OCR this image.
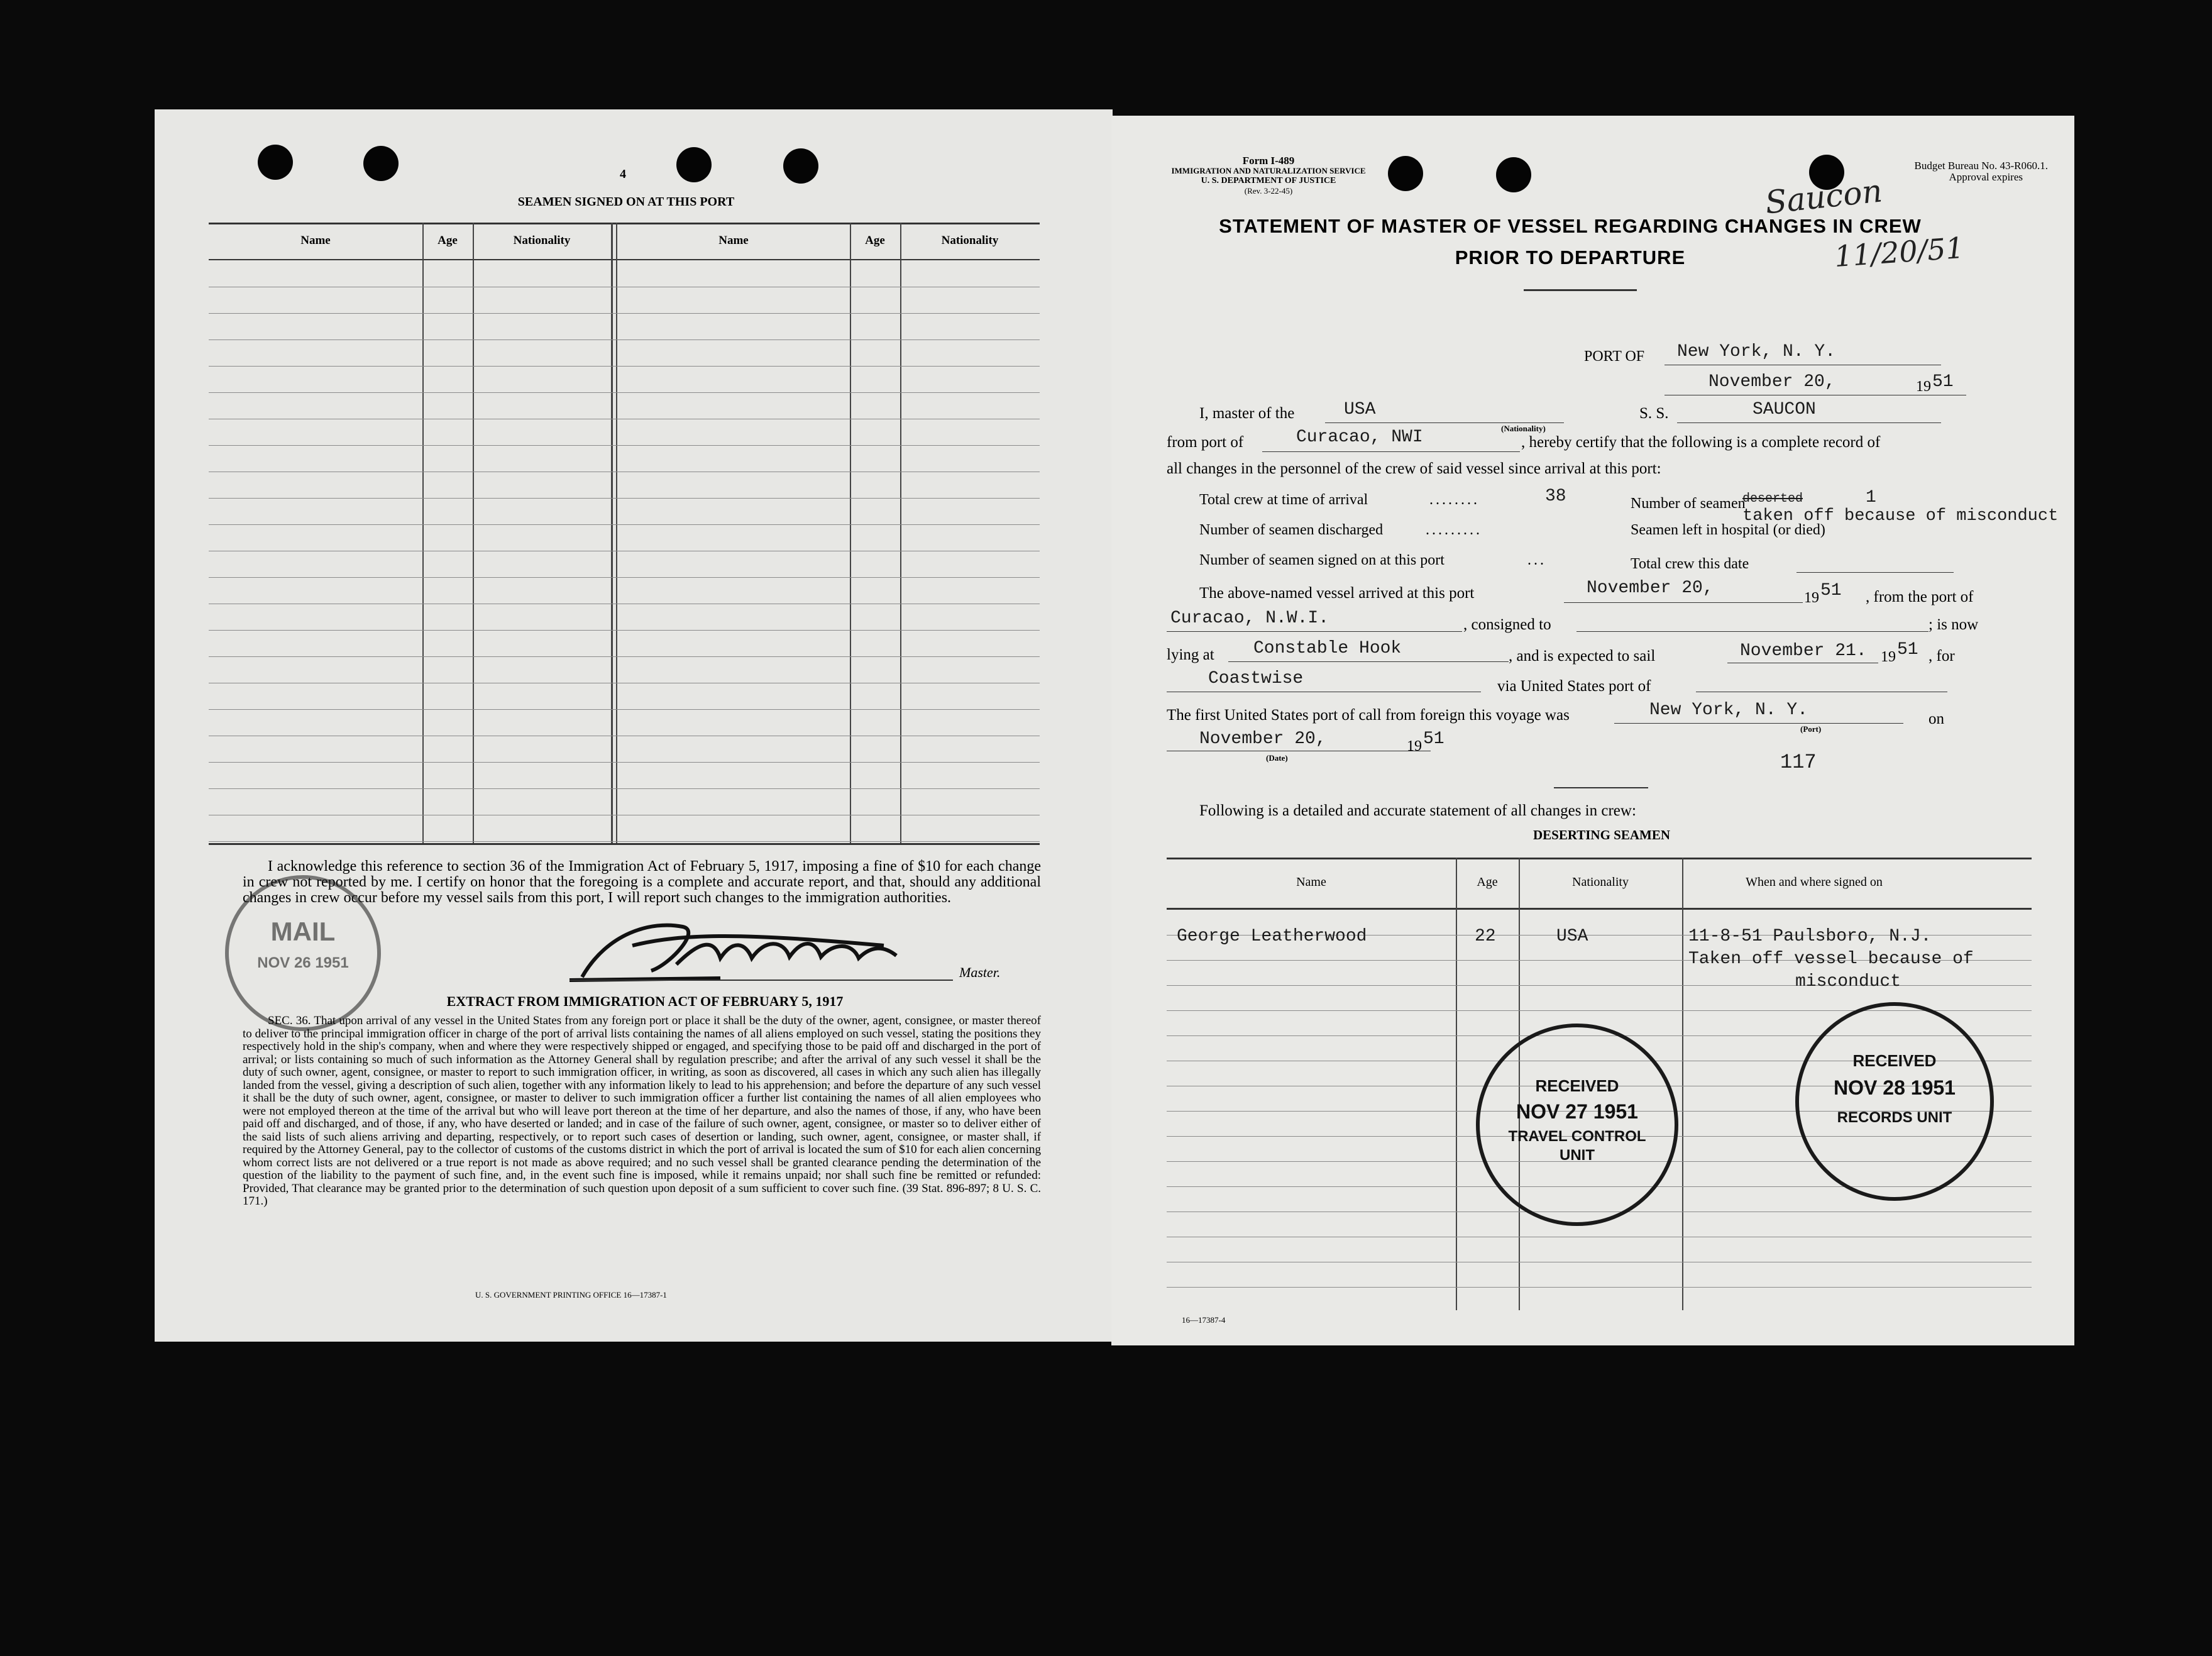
4
SEAMEN SIGNED ON AT THIS PORT
Name	Age	Nationality	Name	Age	Nationality
I acknowledge this reference to section 36 of the Immigration Act of February 5, 1917, imposing a fine of $10 for each change in crew not reported by me. I certify on honor that the foregoing is a complete and accurate report, and that, should any additional changes in crew occur before my vessel sails from this port, I will report such changes to the immigration authorities.
Master.
MAIL
NOV 26 1951
EXTRACT FROM IMMIGRATION ACT OF FEBRUARY 5, 1917
SEC. 36. That upon arrival of any vessel in the United States from any foreign port or place it shall be the duty of the owner, agent, consignee, or master thereof to deliver to the principal immigration officer in charge of the port of arrival lists containing the names of all aliens employed on such vessel, stating the positions they respectively hold in the ship's company, when and where they were respectively shipped or engaged, and specifying those to be paid off and discharged in the port of arrival; or lists containing so much of such information as the Attorney General shall by regulation prescribe; and after the arrival of any such vessel it shall be the duty of such owner, agent, consignee, or master to report to such immigration officer, in writing, as soon as discovered, all cases in which any such alien has illegally landed from the vessel, giving a description of such alien, together with any information likely to lead to his apprehension; and before the departure of any such vessel it shall be the duty of such owner, agent, consignee, or master to deliver to such immigration officer a further list containing the names of all alien employees who were not employed thereon at the time of the arrival but who will leave port thereon at the time of her departure, and also the names of those, if any, who have been paid off and discharged, and of those, if any, who have deserted or landed; and in case of the failure of such owner, agent, consignee, or master so to deliver either of the said lists of such aliens arriving and departing, respectively, or to report such cases of desertion or landing, such owner, agent, consignee, or master shall, if required by the Attorney General, pay to the collector of customs of the customs district in which the port of arrival is located the sum of $10 for each alien concerning whom correct lists are not delivered or a true report is not made as above required; and no such vessel shall be granted clearance pending the determination of the question of the liability to the payment of such fine, and, in the event such fine is imposed, while it remains unpaid; nor shall such fine be remitted or refunded: Provided, That clearance may be granted prior to the determination of such question upon deposit of a sum sufficient to cover such fine. (39 Stat. 896-897; 8 U. S. C. 171.)
U. S. GOVERNMENT PRINTING OFFICE 16—17387-1
Form I-489
IMMIGRATION AND NATURALIZATION SERVICE
U. S. DEPARTMENT OF JUSTICE
(Rev. 3-22-45)
Budget Bureau No. 43-R060.1.
Approval expires
Saucon
11/20/51
STATEMENT OF MASTER OF VESSEL REGARDING CHANGES IN CREW
PRIOR TO DEPARTURE
PORT OF New York, N. Y.
November 20,	19 51
I, master of the	USA
(Nationality)
S. S.	SAUCON
from port of	Curacao, NWI	, hereby certify that the following is a complete record of
all changes in the personnel of the crew of said vessel since arrival at this port:
Total crew at time of arrival	........	38	Number of seamen
deserted	1
taken off because of misconduct
Number of seamen discharged	.........	Seamen left in hospital (or died)
Number of seamen signed on at this port	...	Total crew this date
The above-named vessel arrived at this port	November 20,	19 51 , from the port of
Curacao, N.W.I.	, consigned to	; is now
lying at Constable Hook	, and is expected to sail	November 21. 19 51 , for
Coastwise	via United States port of
The first United States port of call from foreign this voyage was	New York, N. Y.
(Port)
on
November 20,	19 51
(Date)	117
Following is a detailed and accurate statement of all changes in crew:
DESERTING SEAMEN
Name	Age	Nationality	When and where signed on
George Leatherwood	22	USA	11-8-51 Paulsboro, N.J.
Taken off vessel because of
misconduct
RECEIVED
NOV 27 1951
TRAVEL CONTROL
UNIT
RECEIVED
NOV 28 1951
RECORDS UNIT
16—17387-4
